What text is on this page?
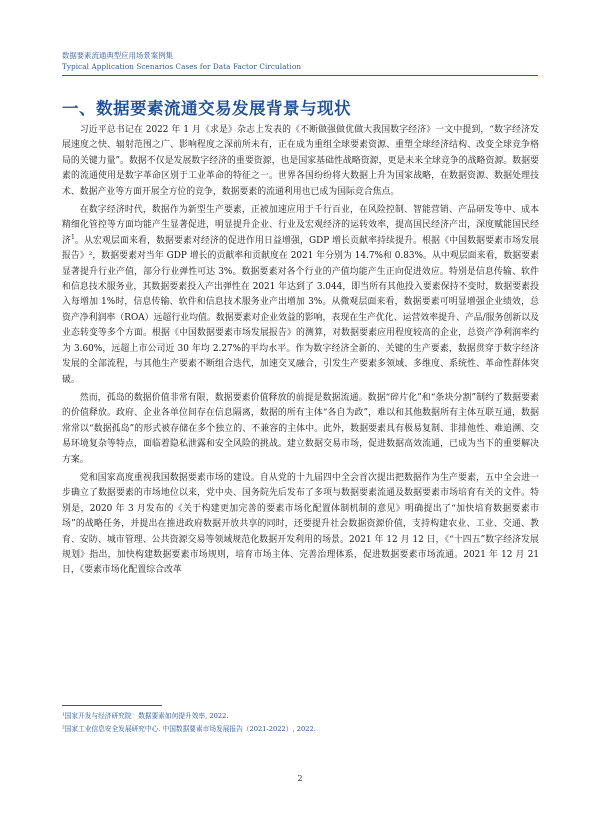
数据要素流通典型应用场景案例集
Typical Application Scenarios Cases for Data Factor Circulation
一、数据要素流通交易发展背景与现状

习近平总书记在 2022 年 1 月《求是》杂志上发表的《不断做强做优做大我国数字经济》一文中提到，“数字经济发展速度之快、辐射范围之广、影响程度之深前所未有，正在成为重组全球要素资源、重塑全球经济结构、改变全球竞争格局的关键力量”。数据不仅是发展数字经济的重要资源，也是国家基础性战略资源，更是未来全球竞争的战略资源。数据要素的流通使用是数字革命区别于工业革命的特征之一。世界各国纷纷将大数据上升为国家战略，在数据资源、数据处理技术、数据产业等方面开展全方位的竞争，数据要素的流通利用也已成为国际竞合焦点。

在数字经济时代，数据作为新型生产要素，正被加速应用于千行百业，在风险控制、智能营销、产品研发等中、成本精细化管控等方面均能产生显著促进，明显提升企业、行业及宏观经济的运转效率，提高国民经济产出，深度赋能国民经济$^1$。从宏观层面来看，数据要素对经济的促进作用日益增强，GDP 增长贡献率持续提升。根据《中国数据要素市场发展报告》²，数据要素对当年 GDP 增长的贡献率和贡献度在 2021 年分别为 14.7%和 0.83%。从中观层面来看，数据要素显著提升行业产值，部分行业弹性可达 3%。数据要素对各个行业的产值均能产生正向促进效应。特别是信息传输、软件和信息技术服务业，其数据要素投入产出弹性在 2021 年达到了 3.044，即当所有其他投入要素保持不变时，数据要素投入每增加 1%时，信息传输、软件和信息技术服务业产出增加 3%。从微观层面来看，数据要素可明显增强企业绩效，总资产净利润率（ROA）远超行业均值。数据要素对企业效益的影响，表现在生产优化、运营效率提升、产品/服务创新以及业态转变等多个方面。根据《中国数据要素市场发展报告》的测算，对数据要素应用程度较高的企业，总资产净利润率约为 3.60%，远超上市公司近 30 年均 2.27%的平均水平。作为数字经济全新的、关键的生产要素，数据贯穿于数字经济发展的全部流程，与其他生产要素不断组合迭代，加速交叉融合，引发生产要素多领域、多维度、系统性、革命性群体突破。

然而，孤岛的数据价值非常有限，数据要素价值释放的前提是数据流通。数据“碎片化”和“条块分割”制约了数据要素的价值释放。政府、企业各单位间存在信息隔离，数据的所有主体“各自为政”，难以和其他数据所有主体互联互通，数据常常以“数据孤岛”的形式被存储在多个独立的、不兼容的主体中。此外，数据要素具有极易复制、非排他性、难追溯、交易环境复杂等特点，面临着隐私泄露和安全风险的挑战。建立数据交易市场，促进数据高效流通，已成为当下的重要解决方案。

党和国家高度重视我国数据要素市场的建设。自从党的十九届四中全会首次提出把数据作为生产要素，五中全会进一步确立了数据要素的市场地位以来，党中央、国务院先后发布了多项与数据要素流通及数据要素市场培育有关的文件。特别是，2020 年 3 月发布的《关于构建更加完善的要素市场化配置体制机制的意见》明确提出了“加快培育数据要素市场”的战略任务，并提出在推进政府数据开放共享的同时，还要提升社会数据资源价值，支持构建农业、工业、交通、教育、安防、城市管理、公共资源交易等领域规范化数据开发利用的场景。2021 年 12 月 12 日，《“十四五”数字经济发展规划》指出，加快构建数据要素市场规则，培育市场主体、完善治理体系，促进数据要素市场流通。2021 年 12 月 21 日，《要素市场化配置综合改革

¹国家开发与经济研究院：数据要素如何提升效率, 2022.
²国家工业信息安全发展研究中心. 中国数据要素市场发展报告（2021-2022）, 2022.
2
